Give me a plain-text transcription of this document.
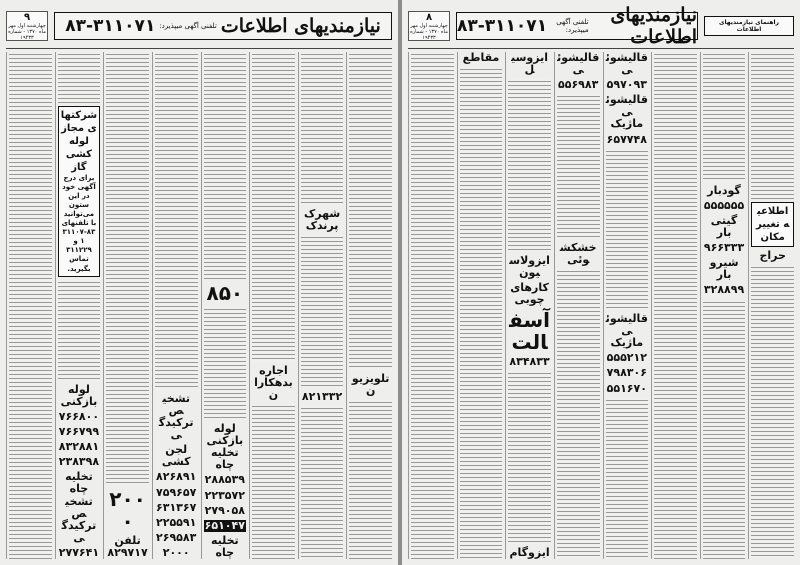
نیازمندیهای اطلاعات
تلفنی آگهی میپذیرد:
۸۳-۳۱۱۰۷۱
۹
چهارشنبه اول مهر ماه ۱۳۷۰ - شماره ۱۹۴۳۳
تلویزیون
شهرک پرندک
۸۲۱۳۳۲
اجاره بدهکاران
۸۵۰
لوله بازکنی تخلیه چاه
۲۸۸۵۳۹
۲۲۳۵۷۲
۲۷۹۰۵۸
۶۵۱۰۴۷
تخلیه چاه
تشخیص ترکیدگی
لجن کشی
۸۲۶۸۹۱
۷۵۹۶۵۷
۶۳۱۳۶۷
۲۲۵۵۹۱
۲۶۹۵۸۳
۲۰۰۰
۲۰۰۰
تلفن ۸۲۹۷۱۷
شرکتهای مجاز لوله کشی گاز
برای درج آگهی خود در این ستون می‌توانید با تلفنهای ۸۳-۳۱۱۰۷۱ و ۳۱۱۲۲۹ تماس بگیرید.
لوله بازکنی
۷۶۶۸۰۰
۷۶۶۷۹۹
۸۳۲۸۸۱
۲۳۸۳۹۸
تخلیه چاه تشخیص ترکیدگی
۲۷۷۶۴۱
راهنمای نیازمندیهای اطلاعات
نیازمندیهای اطلاعات
تلفنی آگهی میپذیرد:
۸۳-۳۱۱۰۷۱
۸
چهارشنبه اول مهر ماه ۱۳۷۰ - شماره ۱۹۴۳۳
اطلاعیه تغییر مکان
حراج
گودبار
۵۵۵۵۵۵
گیتی بار
۹۶۶۳۳۳
شیرو بار
۳۲۸۸۹۹
قالیشوئی
۵۹۷۰۹۳
قالیشوئی ماژیک
۶۵۷۷۴۸
قالیشوئی ماژیک
۵۵۵۲۱۲
۷۹۸۳۰۶
۵۵۱۶۷۰
قالیشوئی
۵۵۶۹۸۳
خشکشوئی
ایزوسیل
ایزولاسیون
کارهای چوبی
آسفالت
۸۳۴۸۳۳
ایزوگام
مقاطع
